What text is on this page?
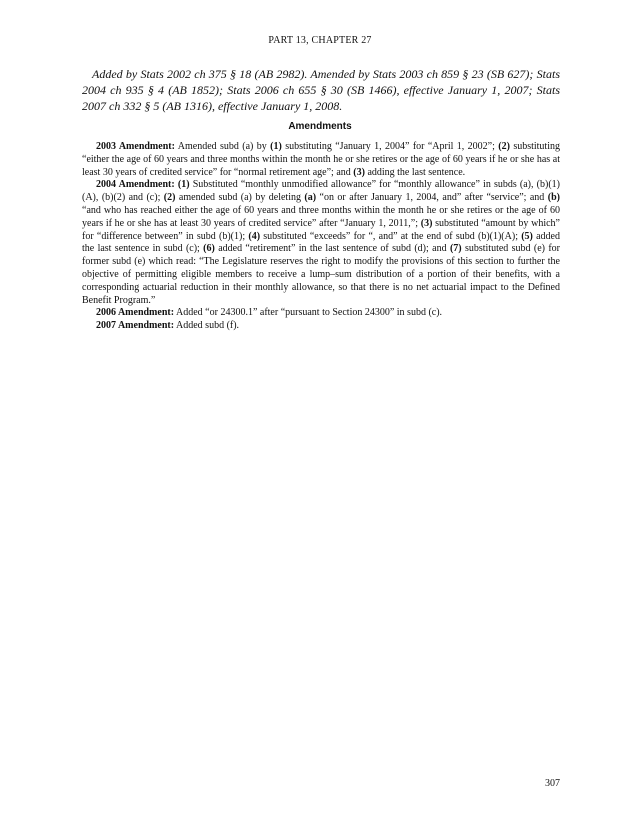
PART 13, CHAPTER 27

Added by Stats 2002 ch 375 § 18 (AB 2982). Amended by Stats 2003 ch 859 § 23 (SB 627); Stats 2004 ch 935 § 4 (AB 1852); Stats 2006 ch 655 § 30 (SB 1466), effective January 1, 2007; Stats 2007 ch 332 § 5 (AB 1316), effective January 1, 2008.

Amendments

2003 Amendment: Amended subd (a) by (1) substituting “January 1, 2004” for “April 1, 2002”; (2) substituting “either the age of 60 years and three months within the month he or she retires or the age of 60 years if he or she has at least 30 years of credited service” for “normal retirement age”; and (3) adding the last sentence.

2004 Amendment: (1) Substituted “monthly unmodified allowance” for “monthly allowance” in subds (a), (b)(1)(A), (b)(2) and (c); (2) amended subd (a) by deleting (a) “on or after January 1, 2004, and” after “service”; and (b) “and who has reached either the age of 60 years and three months within the month he or she retires or the age of 60 years if he or she has at least 30 years of credited service” after “January 1, 2011,”; (3) substituted “amount by which” for “difference between” in subd (b)(1); (4) substituted “exceeds” for “, and” at the end of subd (b)(1)(A); (5) added the last sentence in subd (c); (6) added “retirement” in the last sentence of subd (d); and (7) substituted subd (e) for former subd (e) which read: “The Legislature reserves the right to modify the provisions of this section to further the objective of permitting eligible members to receive a lump–sum distribution of a portion of their benefits, with a corresponding actuarial reduction in their monthly allowance, so that there is no net actuarial impact to the Defined Benefit Program.”

2006 Amendment: Added “or 24300.1” after “pursuant to Section 24300” in subd (c).

2007 Amendment: Added subd (f).

307
